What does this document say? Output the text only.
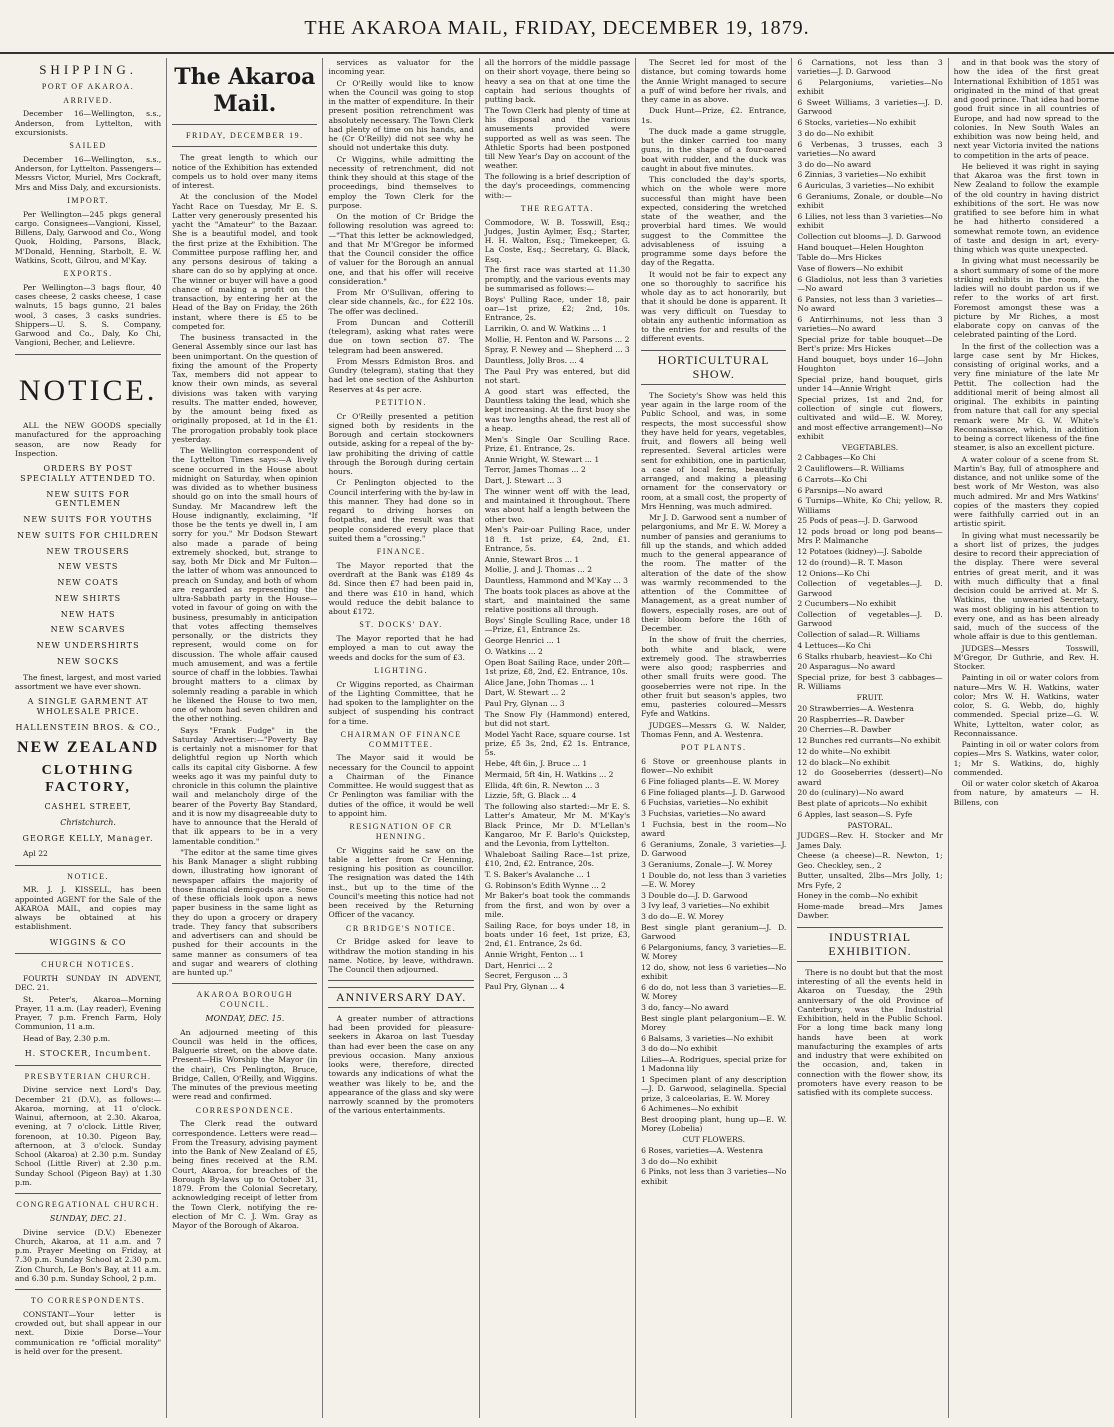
THE AKAROA MAIL, FRIDAY, DECEMBER 19, 1879.
SHIPPING.
PORT OF AKAROA.
ARRIVED.

December 16—Wellington, s.s., Anderson, from Lyttelton, with excursionists.

SAILED

December 16—Wellington, s.s., Anderson, for Lyttelton. Passengers—Messrs Victor, Muriel, Mrs Cockraft, Mrs and Miss Daly, and excursionists.

IMPORT.

Per Wellington—245 pkgs general cargo. Consignees—Vangioni, Kissel, Billens, Daly, Garwood and Co., Wong Quok, Holding, Parsons, Black, M'Donald, Henning, Starbolt, E. W. Watkins, Scott, Gilrou, and M'Kay.

EXPORTS.

Per Wellington—3 bags flour, 40 cases cheese, 2 casks cheese, 1 case walnuts, 15 bags gunno, 21 bales wool, 3 cases, 3 casks sundries. Shippers—U. S. S. Company, Garwood and Co., Daly, Ko Chi, Vangioni, Becher, and Lelievre.

NOTICE.

ALL the NEW GOODS specially manufactured for the approaching season, are now Ready for Inspection.

ORDERS BY POST SPECIALLY ATTENDED TO.
NEW SUITS FOR GENTLEMEN
NEW SUITS FOR YOUTHS
NEW SUITS FOR CHILDREN
NEW TROUSERS
NEW VESTS
NEW COATS
NEW SHIRTS
NEW HATS
NEW SCARVES
NEW UNDERSHIRTS
NEW SOCKS

The finest, largest, and most varied assortment we have ever shown.

A SINGLE GARMENT AT WHOLESALE PRICE.
HALLENSTEIN BROS. & CO.,
NEW ZEALAND
CLOTHING FACTORY,
CASHEL STREET,
Christchurch.
GEORGE KELLY, Manager.

Apl 22

NOTICE.

MR. J. J. KISSELL, has been appointed AGENT for the Sale of the AKAROA MAIL, and copies may always be obtained at his establishment.

WIGGINS & CO
CHURCH NOTICES.

FOURTH SUNDAY IN ADVENT, DEC. 21.

St. Peter's, Akaroa—Morning Prayer, 11 a.m. (Lay reader), Evening Prayer, 7 p.m. French Farm, Holy Communion, 11 a.m.

Head of Bay, 2.30 p.m.

H. STOCKER, Incumbent.
PRESBYTERIAN CHURCH.

Divine service next Lord's Day, December 21 (D.V.), as follows:— Akaroa, morning, at 11 o'clock. Wainui, afternoon, at 2.30. Akaroa, evening, at 7 o'clock. Little River, forenoon, at 10.30. Pigeon Bay, afternoon, at 3 o'clock. Sunday School (Akaroa) at 2.30 p.m. Sunday School (Little River) at 2.30 p.m. Sunday School (Pigeon Bay) at 1.30 p.m.

CONGREGATIONAL CHURCH.
SUNDAY, DEC. 21.

Divine service (D.V.) Ebenezer Church, Akaroa, at 11 a.m. and 7 p.m. Prayer Meeting on Friday, at 7.30 p.m. Sunday School at 2.30 p.m. Zion Church, Le Bon's Bay, at 11 a.m. and 6.30 p.m. Sunday School, 2 p.m.

TO CORRESPONDENTS.

CONSTANT—Your letter is crowded out, but shall appear in our next. Dixie Dorse—Your communication re "official morality" is held over for the present.

The Akaroa Mail.
FRIDAY, DECEMBER 19.

The great length to which our notice of the Exhibition has extended compels us to hold over many items of interest.

At the conclusion of the Model Yacht Race on Tuesday, Mr E. S. Latter very generously presented his yacht the "Amateur" to the Bazaar. She is a beautiful model, and took the first prize at the Exhibition. The Committee purpose raffling her, and any persons desirous of taking a share can do so by applying at once. The winner or buyer will have a good chance of making a profit on the transaction, by entering her at the Head of the Bay on Friday, the 26th instant, where there is £5 to be competed for.

The business transacted in the General Assembly since our last has been unimportant. On the question of fixing the amount of the Property Tax, members did not appear to know their own minds, as several divisions was taken with varying results. The matter ended, however, by the amount being fixed as originally proposed, at 1d in the £1. The prorogation probably took place yesterday.

The Wellington correspondent of the Lyttelton Times says:—A lively scene occurred in the House about midnight on Saturday, when opinion was divided as to whether business should go on into the small hours of Sunday. Mr Macandrew left the House indignantly, exclaiming, "If those be the tents ye dwell in, I am sorry for you." Mr Dodson Stewart also made a parade of being extremely shocked, but, strange to say, both Mr Dick and Mr Fulton—the latter of whom was announced to preach on Sunday, and both of whom are regarded as representing the ultra-Sabbath party in the House—voted in favour of going on with the business, presumably in anticipation that votes affecting themselves personally, or the districts they represent, would come on for discussion. The whole affair caused much amusement, and was a fertile source of chaff in the lobbies. Tawhai brought matters to a climax by solemnly reading a parable in which he likened the House to two men, one of whom had seven children and the other nothing.

Says "Frank Fudge" in the Saturday Advertiser:—"Poverty Bay is certainly not a misnomer for that delightful region up North which calls its capital city Gisborne. A few weeks ago it was my painful duty to chronicle in this column the plaintive wail and melancholy dirge of the bearer of the Poverty Bay Standard, and it is now my disagreeable duty to have to announce that the Herald of that ilk appears to be in a very lamentable condition."

"The editor at the same time gives his Bank Manager a slight rubbing down, illustrating how ignorant of newspaper affairs the majority of those financial demi-gods are. Some of these officials look upon a news paper business in the same light as they do upon a grocery or drapery trade. They fancy that subscribers and advertisers can and should be pushed for their accounts in the same manner as consumers of tea and sugar and wearers of clothing are hunted up."

AKAROA BOROUGH COUNCIL.
MONDAY, DEC. 15.

An adjourned meeting of this Council was held in the offices, Balguerie street, on the above date. Present—His Worship the Mayor (in the chair), Crs Penlington, Bruce, Bridge, Callen, O'Reilly, and Wiggins. The minutes of the previous meeting were read and confirmed.

CORRESPONDENCE.

The Clerk read the outward correspondence. Letters were read—From the Treasury, advising payment into the Bank of New Zealand of £5, being fines received at the R.M. Court, Akaroa, for breaches of the Borough By-laws up to October 31, 1879. From the Colonial Secretary, acknowledging receipt of letter from the Town Clerk, notifying the re-election of Mr C. J. Wm. Gray as Mayor of the Borough of Akaroa.

services as valuator for the incoming year.

Cr O'Reilly would like to know when the Council was going to stop in the matter of expenditure. In their present position retrenchment was absolutely necessary. The Town Clerk had plenty of time on his hands, and he (Cr O'Reilly) did not see why he should not undertake this duty.

Cr Wiggins, while admitting the necessity of retrenchment, did not think they should at this stage of the proceedings, bind themselves to employ the Town Clerk for the purpose.

On the motion of Cr Bridge the following resolution was agreed to:—"That this letter be acknowledged, and that Mr M'Gregor be informed that the Council consider the office of valuer for the Borough an annual one, and that his offer will receive consideration."

From Mr O'Sullivan, offering to clear side channels, &c., for £22 10s. The offer was declined.

From Duncan and Cotterill (telegram), asking what rates were due on town section 87. The telegram had been answered.

From Messrs Edmiston Bros. and Gundry (telegram), stating that they had let one section of the Ashburton Reserves at 4s per acre.

PETITION.

Cr O'Reilly presented a petition signed both by residents in the Borough and certain stockowners outside, asking for a repeal of the by-law prohibiting the driving of cattle through the Borough during certain hours.

Cr Penlington objected to the Council interfering with the by-law in this manner. They had done so in regard to driving horses on footpaths, and the result was that people considered every place that suited them a "crossing."

FINANCE.

The Mayor reported that the overdraft at the Bank was £189 4s 8d. Since then £7 had been paid in, and there was £10 in hand, which would reduce the debit balance to about £172.

ST. DOCKS' DAY.

The Mayor reported that he had employed a man to cut away the weeds and docks for the sum of £3.

LIGHTING.

Cr Wiggins reported, as Chairman of the Lighting Committee, that he had spoken to the lamplighter on the subject of suspending his contract for a time.

CHAIRMAN OF FINANCE COMMITTEE.

The Mayor said it would be necessary for the Council to appoint a Chairman of the Finance Committee. He would suggest that as Cr Penlington was familiar with the duties of the office, it would be well to appoint him.

RESIGNATION OF CR HENNING.

Cr Wiggins said he saw on the table a letter from Cr Henning, resigning his position as councillor. The resignation was dated the 14th inst., but up to the time of the Council's meeting this notice had not been received by the Returning Officer of the vacancy.

CR BRIDGE'S NOTICE.

Cr Bridge asked for leave to withdraw the motion standing in his name. Notice, by leave, withdrawn. The Council then adjourned.

ANNIVERSARY DAY.

A greater number of attractions had been provided for pleasure-seekers in Akaroa on last Tuesday than had ever been the case on any previous occasion. Many anxious looks were, therefore, directed towards any indications of what the weather was likely to be, and the appearance of the glass and sky were narrowly scanned by the promoters of the various entertainments.

all the horrors of the middle passage on their short voyage, there being so heavy a sea on that at one time the captain had serious thoughts of putting back.

The Town Clerk had plenty of time at his disposal and the various amusements provided were supported as well as was seen. The Athletic Sports had been postponed till New Year's Day on account of the weather.

The following is a brief description of the day's proceedings, commencing with:—

THE REGATTA.

Commodore, W. B. Tosswill, Esq.; Judges, Justin Aylmer, Esq.; Starter, H. H. Walton, Esq.; Timekeeper, G. La Coste, Esq.; Secretary, G. Black, Esq.

The first race was started at 11.30 promptly, and the various events may be summarised as follows:—

Boys' Pulling Race, under 18, pair oar—1st prize, £2; 2nd, 10s. Entrance, 2s.

Larrikin, O. and W. Watkins ... 1

Mollie, H. Fenton and W. Parsons ... 2

Spray, F. Newey and — Shepherd ... 3

Dauntless, Jolly Bros. ... 4

The Paul Pry was entered, but did not start.

A good start was effected, the Dauntless taking the lead, which she kept increasing. At the first buoy she was two lengths ahead, the rest all of a heap.

Men's Single Oar Sculling Race. Prize, £1. Entrance, 2s.

Annie Wright, W. Stewart ... 1

Terror, James Thomas ... 2

Dart, J. Stewart ... 3

The winner went off with the lead, and maintained it throughout. There was about half a length between the other two.

Men's Pair-oar Pulling Race, under 18 ft. 1st prize, £4, 2nd, £1. Entrance, 5s.

Annie, Stewart Bros ... 1

Mollie, J. and J. Thomas ... 2

Dauntless, Hammond and M'Kay ... 3

The boats took places as above at the start, and maintained the same relative positions all through.

Boys' Single Sculling Race, under 18—Prize, £1, Entrance 2s.

George Henrici ... 1

O. Watkins ... 2

Open Boat Sailing Race, under 20ft—1st prize, £8, 2nd, £2. Entrance, 10s.

Alice Jane, John Thomas ... 1

Dart, W. Stewart ... 2

Paul Pry, Glynan ... 3

The Snow Fly (Hammond) entered, but did not start.

Model Yacht Race, square course. 1st prize, £5 3s, 2nd, £2 1s. Entrance, 5s.

Hebe, 4ft 6in, J. Bruce ... 1

Mermaid, 5ft 4in, H. Watkins ... 2

Ellida, 4ft 6in, R. Newton ... 3

Lizzie, 5ft, G. Black ... 4

The following also started:—Mr E. S. Latter's Amateur, Mr M. M'Kay's Black Prince, Mr D. M'Lellan's Kangaroo, Mr F. Barlo's Quickstep, and the Levonia, from Lyttelton.

Whaleboat Sailing Race—1st prize, £10, 2nd, £2. Entrance, 20s.

T. S. Baker's Avalanche ... 1

G. Robinson's Edith Wynne ... 2

Mr Baker's boat took the commands from the first, and won by over a mile.

Sailing Race, for boys under 18, in boats under 16 feet, 1st prize, £3, 2nd, £1. Entrance, 2s 6d.

Annie Wright, Fenton ... 1

Dart, Henrici ... 2

Secret, Ferguson ... 3

Paul Pry, Glynan ... 4

The Secret led for most of the distance, but coming towards home the Annie Wright managed to secure a puff of wind before her rivals, and they came in as above.

Duck Hunt—Prize, £2. Entrance, 1s.

The duck made a game struggle, but the dinker carried too many guns, in the shape of a four-oared boat with rudder, and the duck was caught in about five minutes.

This concluded the day's sports, which on the whole were more successful than might have been expected, considering the wretched state of the weather, and the proverbial hard times. We would suggest to the Committee the advisableness of issuing a programme some days before the day of the Regatta.

It would not be fair to expect any one so thoroughly to sacrifice his whole day as to act honorarily, but that it should be done is apparent. It was very difficult on Tuesday to obtain any authentic information as to the entries for and results of the different events.

HORTICULTURAL SHOW.

The Society's Show was held this year again in the large room of the Public School, and was, in some respects, the most successful show they have held for years, vegetables, fruit, and flowers all being well represented. Several articles were sent for exhibition, one in particular, a case of local ferns, beautifully arranged, and making a pleasing ornament for the conservatory or room, at a small cost, the property of Mrs Henning, was much admired.

Mr J. D. Garwood sent a number of pelargoniums, and Mr E. W. Morey a number of pansies and geraniums to fill up the stands, and which added much to the general appearance of the room. The matter of the alteration of the date of the show was warmly recommended to the attention of the Committee of Management, as a great number of flowers, especially roses, are out of their bloom before the 16th of December.

In the show of fruit the cherries, both white and black, were extremely good. The strawberries were also good; raspberries and other small fruits were good. The gooseberries were not ripe. In the other fruit but season's apples, two emu, pasteries coloured—Messrs Fyfe and Watkins.

JUDGES—Messrs G. W. Nalder, Thomas Fenn, and A. Westenra.

POT PLANTS.

6 Stove or greenhouse plants in flower—No exhibit

6 Fine foliaged plants—E. W. Morey

6 Fine foliaged plants—J. D. Garwood

6 Fuchsias, varieties—No exhibit

3 Fuchsias, varieties—No award

1 Fuchsia, best in the room—No award

6 Geraniums, Zonale, 3 varieties—J. D. Garwood

3 Geraniums, Zonale—J. W. Morey

1 Double do, not less than 3 varieties—E. W. Morey

3 Double do—J. D. Garwood

3 Ivy leaf, 3 varieties—No exhibit

3 do do—E. W. Morey

Best single plant geranium—J. D. Garwood

6 Pelargoniums, fancy, 3 varieties—E. W. Morey

12 do, show, not less 6 varieties—No exhibit

6 do do, not less than 3 varieties—E. W. Morey

3 do, fancy—No award

Best single plant pelargonium—E. W. Morey

6 Balsams, 3 varieties—No exhibit

3 do do—No exhibit

Lilies—A. Rodrigues, special prize for 1 Madonna lily

1 Specimen plant of any description—J. D. Garwood, selaginella. Special prize, 3 calceolarias, E. W. Morey

6 Achimenes—No exhibit

Best drooping plant, hung up—E. W. Morey (Lobelia)

CUT FLOWERS.

6 Roses, varieties—A. Westenra

3 do do—No exhibit

6 Pinks, not less than 3 varieties—No exhibit

6 Carnations, not less than 3 varieties—J. D. Garwood

6 Pelargoniums, varieties—No exhibit

6 Sweet Williams, 3 varieties—J. D. Garwood

6 Stocks, varieties—No exhibit

3 do do—No exhibit

6 Verbenas, 3 trusses, each 3 varieties—No award

3 do do—No award

6 Zinnias, 3 varieties—No exhibit

6 Auriculas, 3 varieties—No exhibit

6 Geraniums, Zonale, or double—No exhibit

6 Lilies, not less than 3 varieties—No exhibit

Collection cut blooms—J. D. Garwood

Hand bouquet—Helen Houghton

Table do—Mrs Hickes

Vase of flowers—No exhibit

6 Gladiolus, not less than 3 varieties—No award

6 Pansies, not less than 3 varieties—No award

6 Antirrhinums, not less than 3 varieties—No award

Special prize for table bouquet—De Bert's prize: Mrs Hickes

Hand bouquet, boys under 16—John Houghton

Special prize, hand bouquet, girls under 14—Annie Wright

Special prizes, 1st and 2nd, for collection of single cut flowers, cultivated and wild—E. W. Morey, and most effective arrangement)—No exhibit

VEGETABLES.

2 Cabbages—Ko Chi

2 Cauliflowers—R. Williams

6 Carrots—Ko Chi

6 Parsnips—No award

6 Turnips—White, Ko Chi; yellow, R. Williams

25 Pods of peas—J. D. Garwood

12 pods broad or long pod beans—Mrs P. Malmanche

12 Potatoes (kidney)—J. Sabolde

12 do (round)—R. T. Mason

12 Onions—Ko Chi

Collection of vegetables—J. D. Garwood

2 Cucumbers—No exhibit

Collection of vegetables—J. D. Garwood

Collection of salad—R. Williams

4 Lettuces—Ko Chi

6 Stalks rhubarb, heaviest—Ko Chi

20 Asparagus—No award

Special prize, for best 3 cabbages—R. Williams

FRUIT.

20 Strawberries—A. Westenra

20 Raspberries—R. Dawber

20 Cherries—R. Dawber

12 Bunches red currants—No exhibit

12 do white—No exhibit

12 do black—No exhibit

12 do Gooseberries (dessert)—No award

20 do (culinary)—No award

Best plate of apricots—No exhibit

6 Apples, last season—S. Fyfe

PASTORAL.

JUDGES—Rev. H. Stocker and Mr James Daly.

Cheese (a cheese)—R. Newton, 1; Geo. Checkley, sen., 2

Butter, unsalted, 2lbs—Mrs Jolly, 1; Mrs Fyfe, 2

Honey in the comb—No exhibit

Home-made bread—Mrs James Dawber.

INDUSTRIAL EXHIBITION.

There is no doubt but that the most interesting of all the events held in Akaroa on Tuesday, the 29th anniversary of the old Province of Canterbury, was the Industrial Exhibition, held in the Public School. For a long time back many long hands have been at work manufacturing the examples of arts and industry that were exhibited on the occasion, and, taken in connection with the flower show, its promoters have every reason to be satisfied with its complete success.

and in that book was the story of how the idea of the first great International Exhibition of 1851 was originated in the mind of that great and good prince. That idea had borne good fruit since in all countries of Europe, and had now spread to the colonies. In New South Wales an exhibition was now being held, and next year Victoria invited the nations to competition in the arts of peace.

He believed it was right in saying that Akaroa was the first town in New Zealand to follow the example of the old country in having district exhibitions of the sort. He was now gratified to see before him in what he had hitherto considered a somewhat remote town, an evidence of taste and design in art, every-thing which was quite unexpected.

In giving what must necessarily be a short summary of some of the more striking exhibits in the room, the ladies will no doubt pardon us if we refer to the works of art first. Foremost amongst these was a picture by Mr Riches, a most elaborate copy on canvas of the celebrated painting of the Lord.

In the first of the collection was a large case sent by Mr Hickes, consisting of original works, and a very fine miniature of the late Mr Pettit. The collection had the additional merit of being almost all original. The exhibits in painting from nature that call for any special remark were Mr G. W. White's Reconnaissance, which, in addition to being a correct likeness of the fine steamer, is also an excellent picture.

A water colour of a scene from St. Martin's Bay, full of atmosphere and distance, and not unlike some of the best work of Mr Weston, was also much admired. Mr and Mrs Watkins' copies of the masters they copied were faithfully carried out in an artistic spirit.

In giving what must necessarily be a short list of prizes, the judges desire to record their appreciation of the display. There were several entries of great merit, and it was with much difficulty that a final decision could be arrived at. Mr S. Watkins, the unwearied Secretary, was most obliging in his attention to every one, and as has been already said, much of the success of the whole affair is due to this gentleman.

JUDGES—Messrs Tosswill, M'Gregor, Dr Guthrie, and Rev. H. Stocker.

Painting in oil or water colors from nature—Mrs W. H. Watkins, water color; Mrs W. H. Watkins, water color, S. G. Webb, do, highly commended. Special prize—G. W. White, Lyttelton, water color, as Reconnaissance.

Painting in oil or water colors from copies—Mrs S. Watkins, water color, 1; Mr S. Watkins, do, highly commended.

Oil or water color sketch of Akaroa from nature, by amateurs — H. Billens, con
